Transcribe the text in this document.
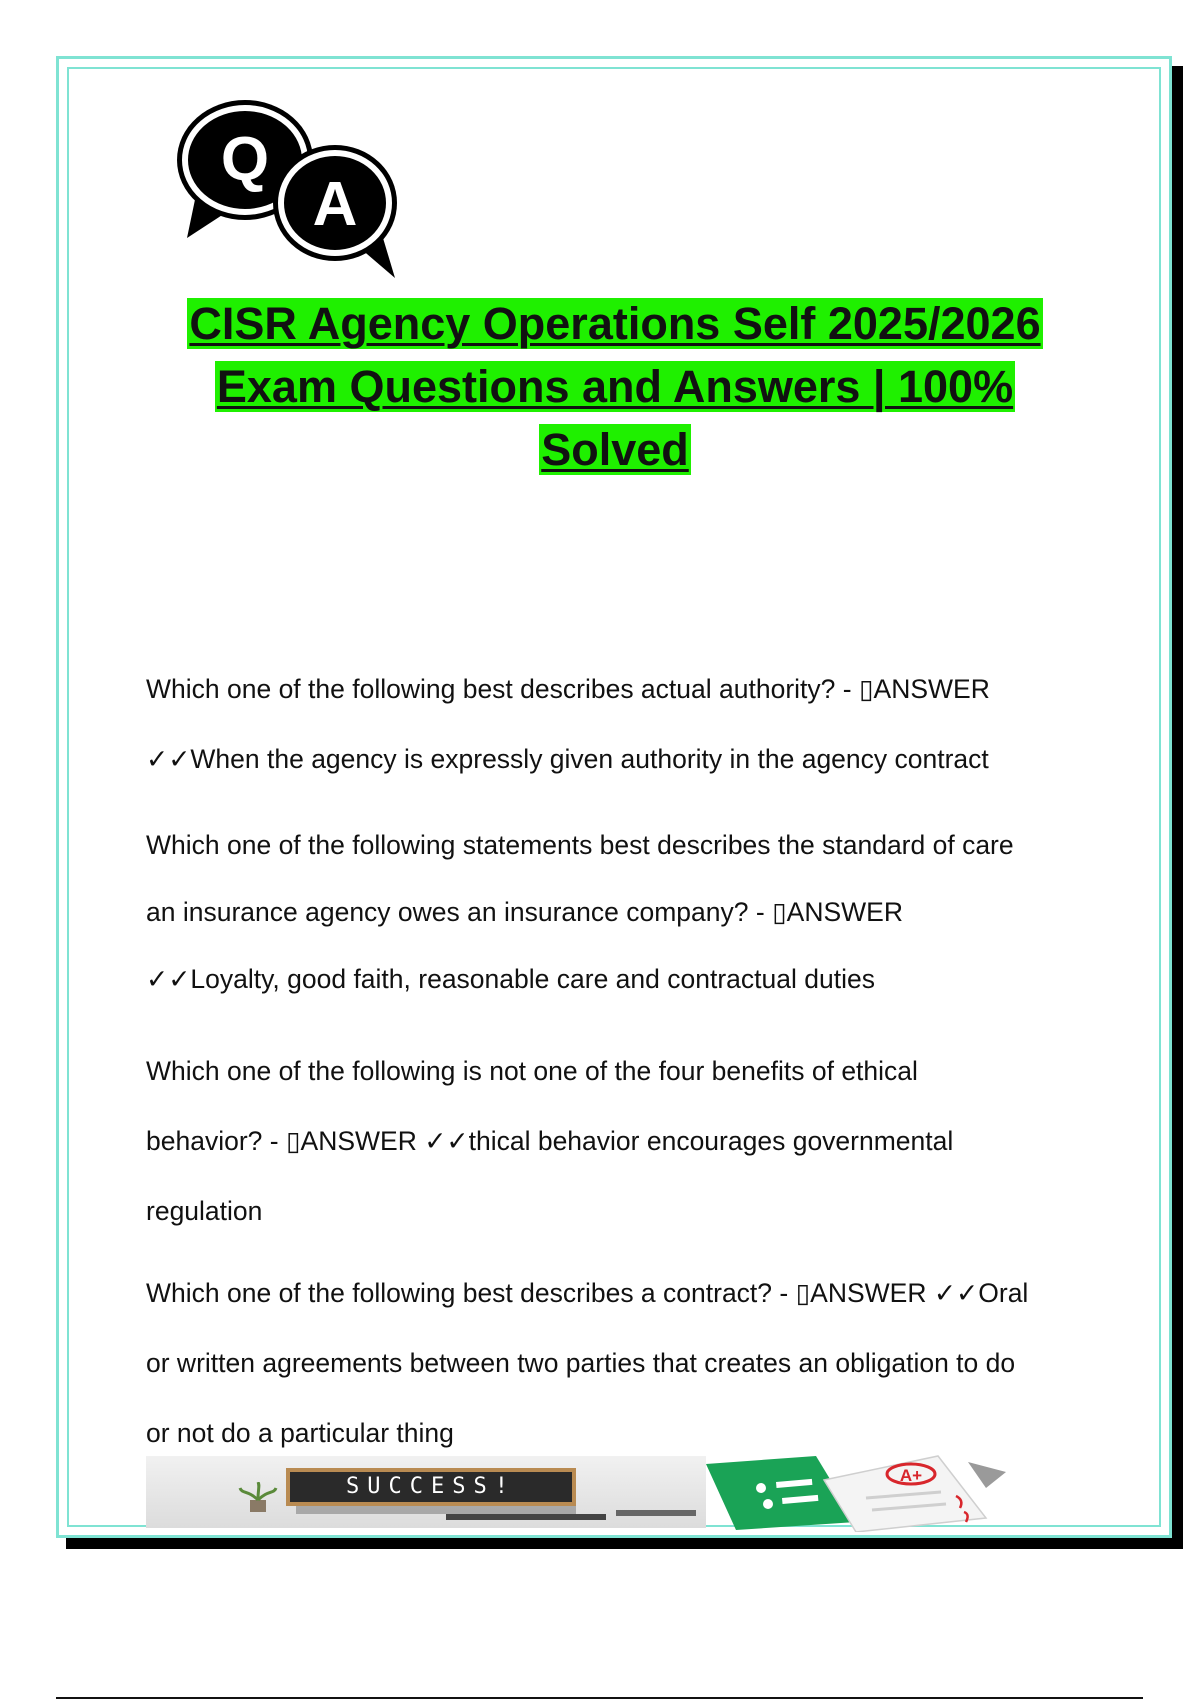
Q
A
CISR Agency Operations Self 2025/2026
Exam Questions and Answers | 100%
Solved

Which one of the following best describes actual authority? - ▯ANSWER

✓✓When the agency is expressly given authority in the agency contract

Which one of the following statements best describes the standard of care

an insurance agency owes an insurance company? - ▯ANSWER

✓✓Loyalty, good faith, reasonable care and contractual duties

Which one of the following is not one of the four benefits of ethical

behavior? - ▯ANSWER ✓✓thical behavior encourages governmental

regulation

Which one of the following best describes a contract? - ▯ANSWER ✓✓Oral

or written agreements between two parties that creates an obligation to do

or not do a particular thing

SUCCESS!	A+
